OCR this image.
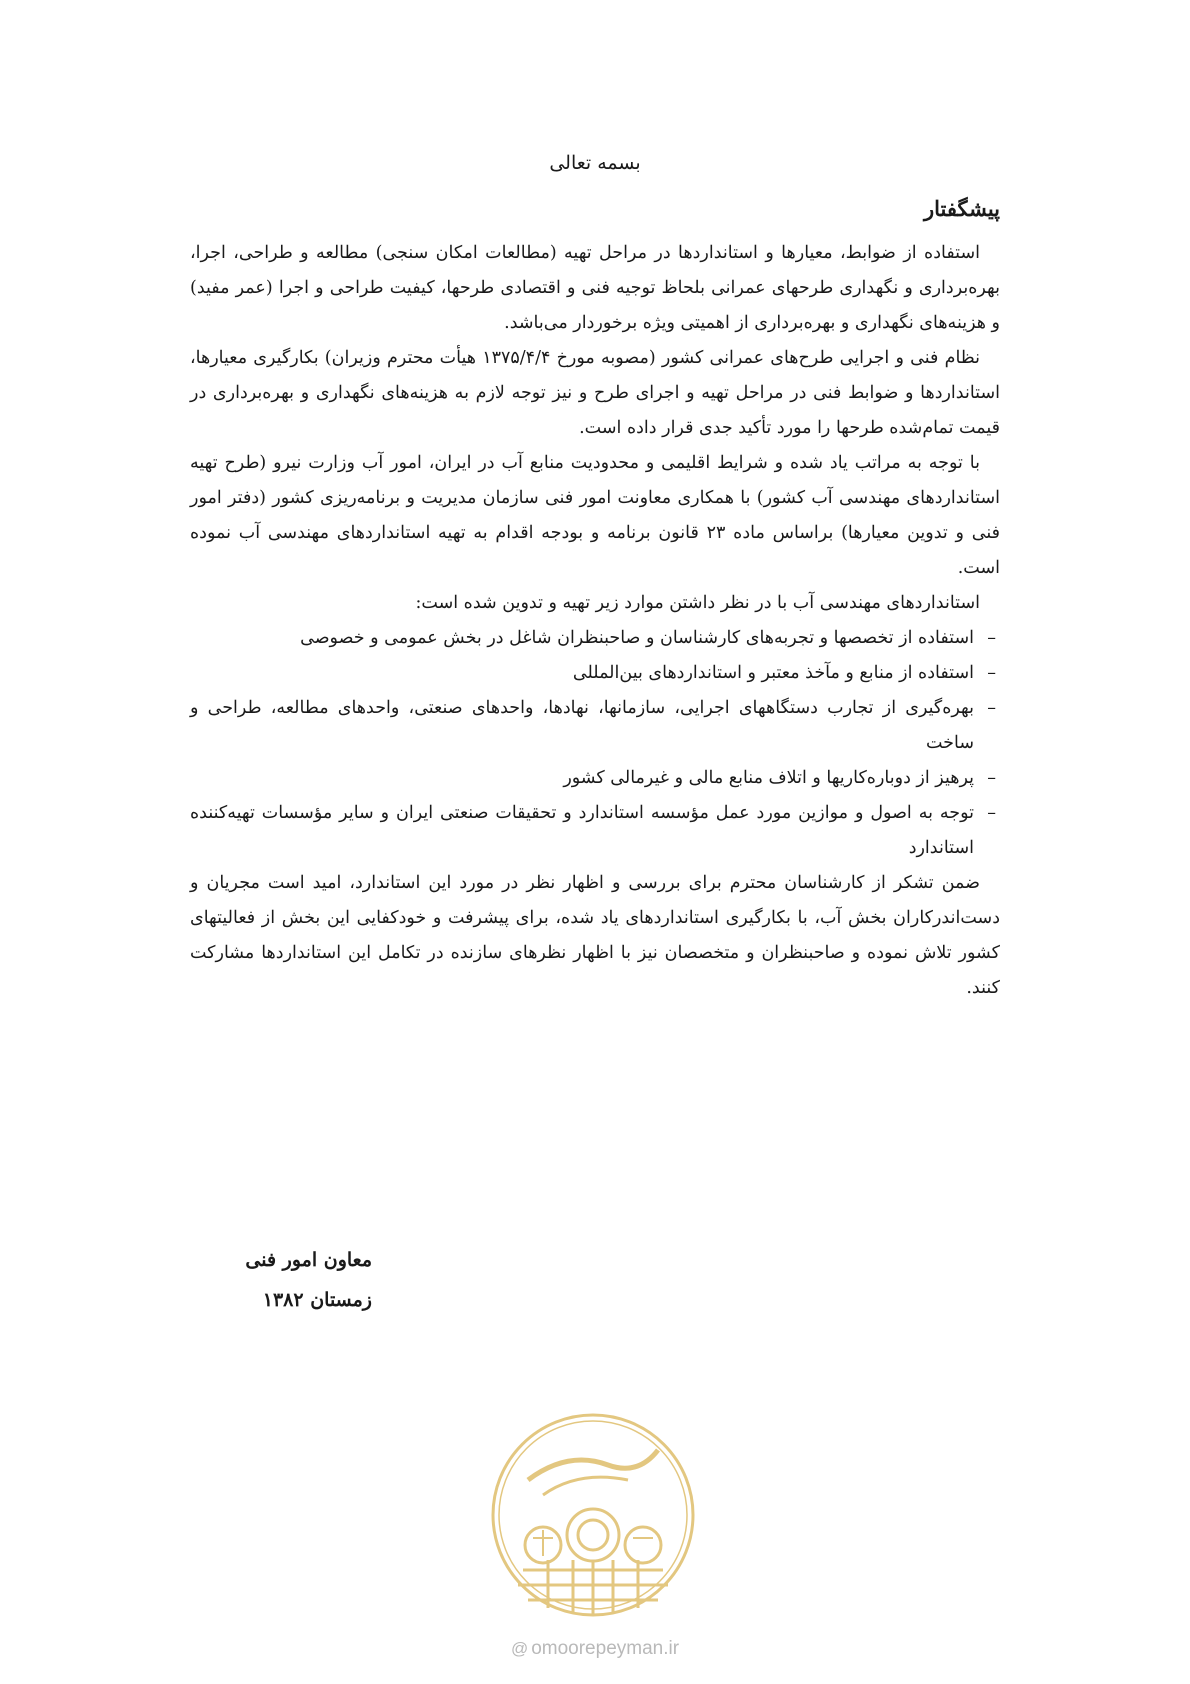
بسمه تعالی
پیشگفتار

استفاده از ضوابط، معیارها و استانداردها در مراحل تهیه (مطالعات امکان سنجی) مطالعه و طراحی، اجرا، بهره‌برداری و نگهداری طرحهای عمرانی بلحاظ توجیه فنی و اقتصادی طرحها، کیفیت طراحی و اجرا (عمر مفید) و هزینه‌های نگهداری و بهره‌برداری از اهمیتی ویژه برخوردار می‌باشد.

نظام فنی و اجرایی طرح‌های عمرانی کشور (مصوبه مورخ ۱۳۷۵/۴/۴ هیأت محترم وزیران) بکارگیری معیارها، استانداردها و ضوابط فنی در مراحل تهیه و اجرای طرح و نیز توجه لازم به هزینه‌های نگهداری و بهره‌برداری در قیمت تمام‌شده طرحها را مورد تأکید جدی قرار داده است.

با توجه به مراتب یاد شده و شرایط اقلیمی و محدودیت منابع آب در ایران، امور آب وزارت نیرو (طرح تهیه استانداردهای مهندسی آب کشور) با همکاری معاونت امور فنی سازمان مدیریت و برنامه‌ریزی کشور (دفتر امور فنی و تدوین معیارها) براساس ماده ۲۳ قانون برنامه و بودجه اقدام به تهیه استانداردهای مهندسی آب نموده است.

استانداردهای مهندسی آب با در نظر داشتن موارد زیر تهیه و تدوین شده است:

–
استفاده از تخصصها و تجربه‌های کارشناسان و صاحبنظران شاغل در بخش عمومی و خصوصی
–
استفاده از منابع و مآخذ معتبر و استانداردهای بین‌المللی
–
بهره‌گیری از تجارب دستگاههای اجرایی، سازمانها، نهادها، واحدهای صنعتی، واحدهای مطالعه، طراحی و ساخت
–
پرهیز از دوباره‌کاریها و اتلاف منابع مالی و غیرمالی کشور
–
توجه به اصول و موازین مورد عمل مؤسسه استاندارد و تحقیقات صنعتی ایران و سایر مؤسسات تهیه‌کننده استاندارد

ضمن تشکر از کارشناسان محترم برای بررسی و اظهار نظر در مورد این استاندارد، امید است مجریان و دست‌اندرکاران بخش آب، با بکارگیری استانداردهای یاد شده، برای پیشرفت و خودکفایی این بخش از فعالیتهای کشور تلاش نموده و صاحبنظران و متخصصان نیز با اظهار نظرهای سازنده در تکامل این استانداردها مشارکت کنند.

معاون امور فنی
زمستان ۱۳۸۲
@ omoorepeyman.ir
